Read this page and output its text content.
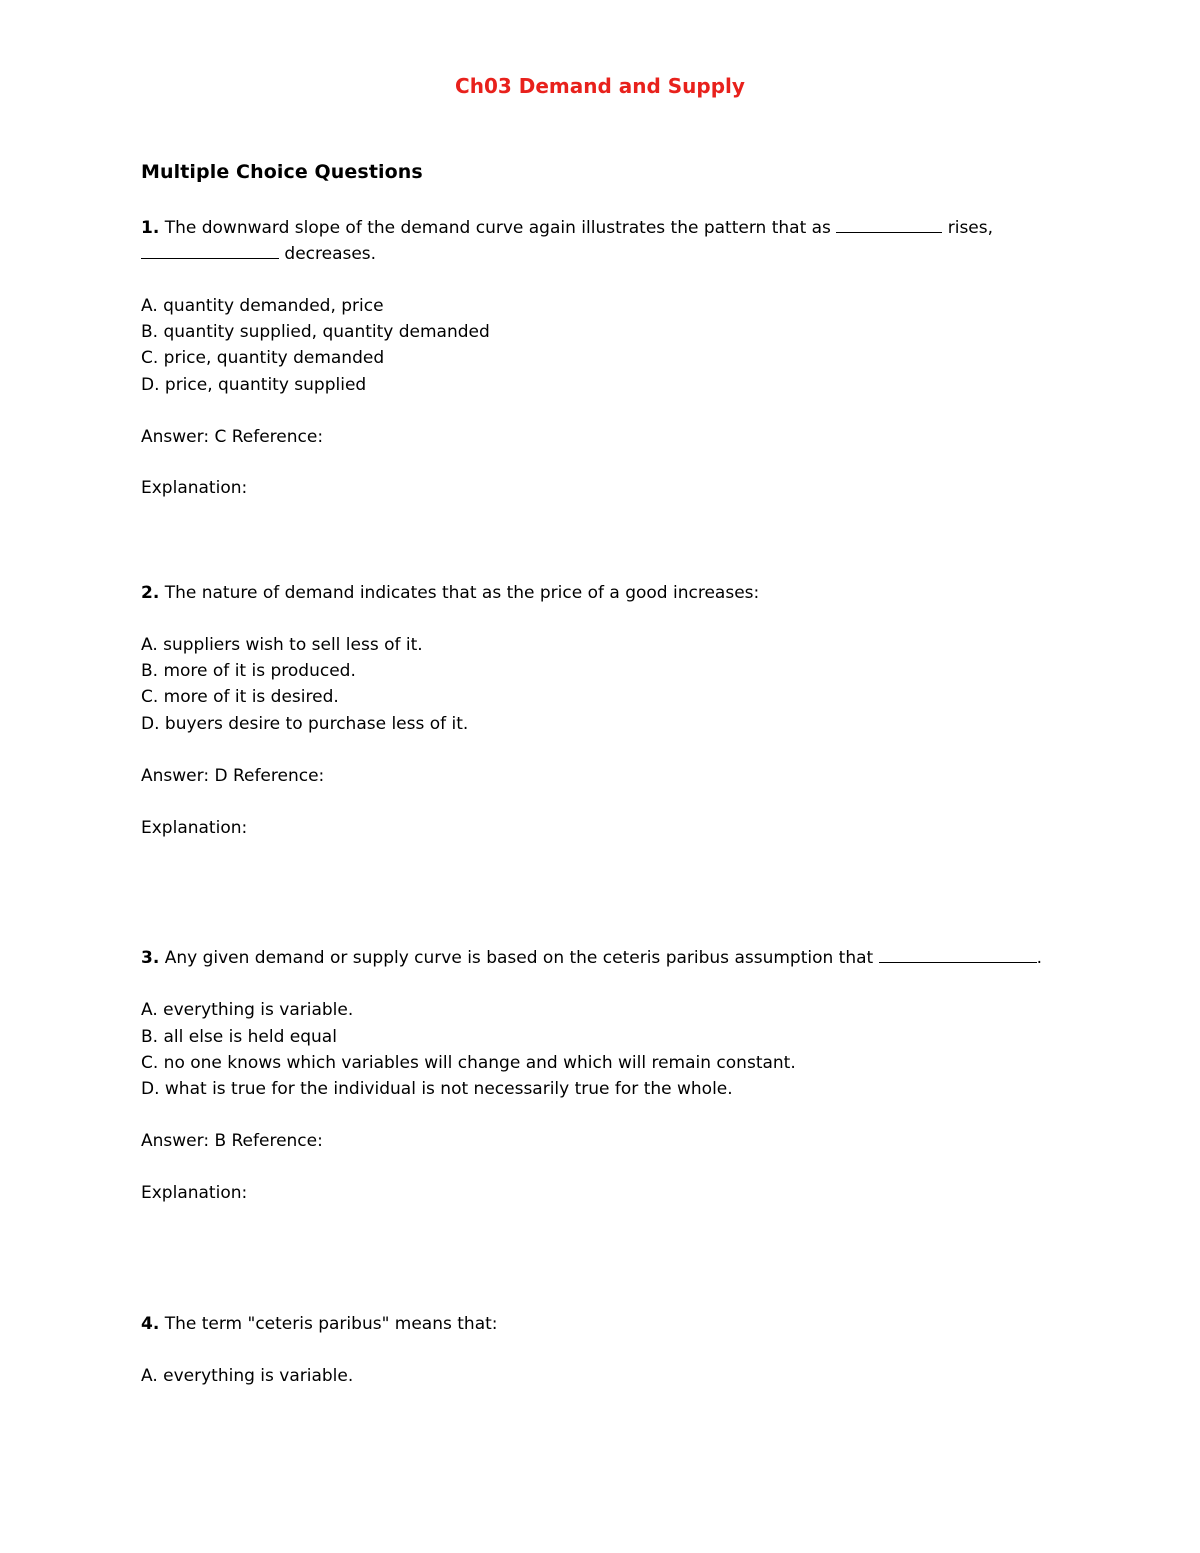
Ch03 Demand and Supply
Multiple Choice Questions
1. The downward slope of the demand curve again illustrates the pattern that as	rises,
decreases.
A. quantity demanded, price
B. quantity supplied, quantity demanded
C. price, quantity demanded
D. price, quantity supplied
Answer: C Reference:
Explanation:
2. The nature of demand indicates that as the price of a good increases:
A. suppliers wish to sell less of it.
B. more of it is produced.
C. more of it is desired.
D. buyers desire to purchase less of it.
Answer: D Reference:
Explanation:
3. Any given demand or supply curve is based on the ceteris paribus assumption that	.
A. everything is variable.
B. all else is held equal
C. no one knows which variables will change and which will remain constant.
D. what is true for the individual is not necessarily true for the whole.
Answer: B Reference:
Explanation:
4. The term "ceteris paribus" means that:
A. everything is variable.
